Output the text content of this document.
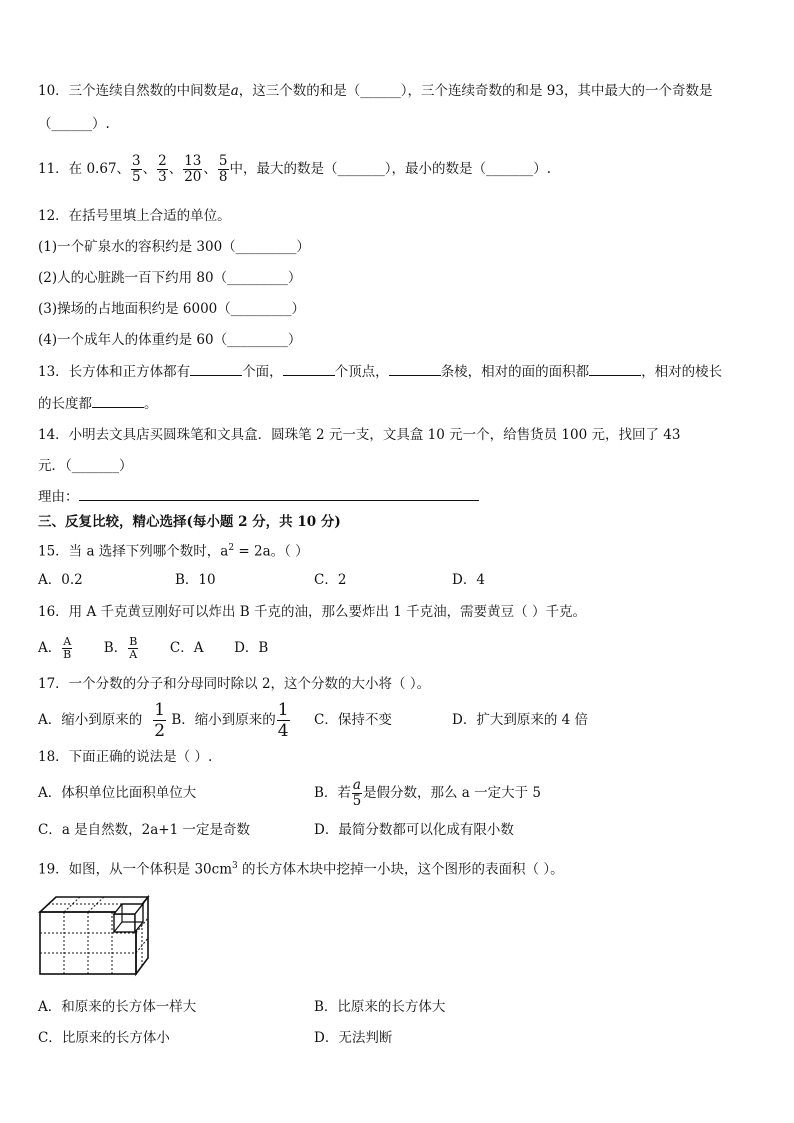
10．三个连续自然数的中间数是a，这三个数的和是（______），三个连续奇数的和是 93，其中最大的一个奇数是
（______）.
11．在 0.67、 $\frac{3}{5}$ 、 $\frac{2}{3}$ 、 $\frac{13}{20}$ 、 $\frac{5}{8}$ 中，最大的数是（_______），最小的数是（_______）.
12．在括号里填上合适的单位。
(1)一个矿泉水的容积约是 300（_________）
(2)人的心脏跳一百下约用 80（_________）
(3)操场的占地面积约是 6000（_________）
(4)一个成年人的体重约是 60（_________）
13．长方体和正方体都有	个面，	个顶点，	条棱，相对的面的面积都	，相对的棱长
的长度都	。
14．小明去文具店买圆珠笔和文具盒．圆珠笔 2 元一支，文具盒 10 元一个，给售货员 100 元，找回了 43
元．（_______）
理由：
三、反复比较，精心选择(每小题 2 分，共 10 分)
15．当 a 选择下列哪个数时，$a^2 = 2a$。（ ）
A．0.2	B．10	C．2	D．4
16．用 A 千克黄豆刚好可以炸出 B 千克的油，那么要炸出 1 千克油，需要黄豆（ ）千克。
A． $\frac{A}{B}$ B． $\frac{B}{A}$ C．A D．B
17．一个分数的分子和分母同时除以 2，这个分数的大小将（ ）。
A．缩小到原来的 $\frac{1}{2}$ B．缩小到原来的 $\frac{1}{4}$ C．保持不变	D．扩大到原来的 4 倍
18．下面正确的说法是（ ）.
A．体积单位比面积单位大	B．若 $\frac{a}{5}$ 是假分数，那么 a 一定大于 5
C．a 是自然数，2a+1 一定是奇数	D．最简分数都可以化成有限小数
19．如图，从一个体积是 $30cm^3$ 的长方体木块中挖掉一小块，这个图形的表面积（ ）。
A．和原来的长方体一样大	B．比原来的长方体大
C．比原来的长方体小	D．无法判断
